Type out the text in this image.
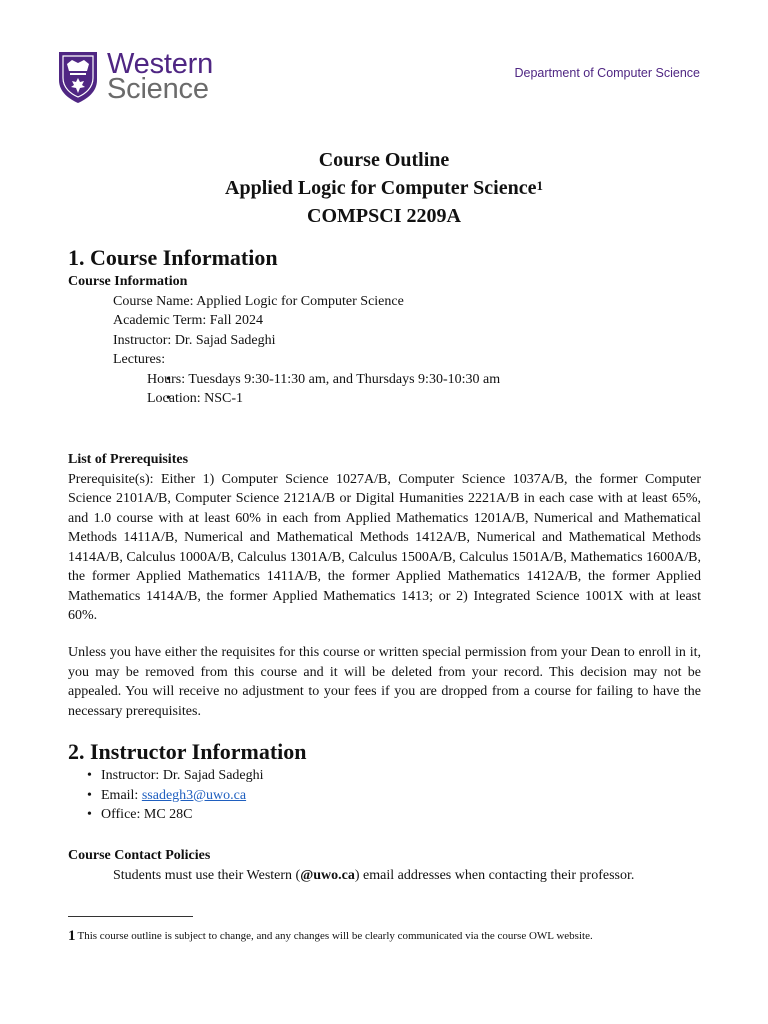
Western
Science	Department of Computer Science
Course Outline
Applied Logic for Computer Science$^1$
COMPSCI 2209A
1. Course Information
Course Information
Course Name: Applied Logic for Computer Science
Academic Term: Fall 2024
Instructor: Dr. Sajad Sadeghi
Lectures:
• Hours: Tuesdays 9:30-11:30 am, and Thursdays 9:30-10:30 am
• Location: NSC-1
List of Prerequisites

Prerequisite(s): Either 1) Computer Science 1027A/B, Computer Science 1037A/B, the former Computer Science 2101A/B, Computer Science 2121A/B or Digital Humanities 2221A/B in each case with at least 65%, and 1.0 course with at least 60% in each from Applied Mathematics 1201A/B, Numerical and Mathematical Methods 1411A/B, Numerical and Mathematical Methods 1412A/B, Numerical and Mathematical Methods 1414A/B, Calculus 1000A/B, Calculus 1301A/B, Calculus 1500A/B, Calculus 1501A/B, Mathematics 1600A/B, the former Applied Mathematics 1411A/B, the former Applied Mathematics 1412A/B, the former Applied Mathematics 1414A/B, the former Applied Mathematics 1413; or 2) Integrated Science 1001X with at least 60%.

Unless you have either the requisites for this course or written special permission from your Dean to enroll in it, you may be removed from this course and it will be deleted from your record. This decision may not be appealed. You will receive no adjustment to your fees if you are dropped from a course for failing to have the necessary prerequisites.

2. Instructor Information
• Instructor: Dr. Sajad Sadeghi
• Email: ssadegh3@uwo.ca
• Office: MC 28C
Course Contact Policies
Students must use their Western (@uwo.ca) email addresses when contacting their professor.
1 This course outline is subject to change, and any changes will be clearly communicated via the course OWL website.
